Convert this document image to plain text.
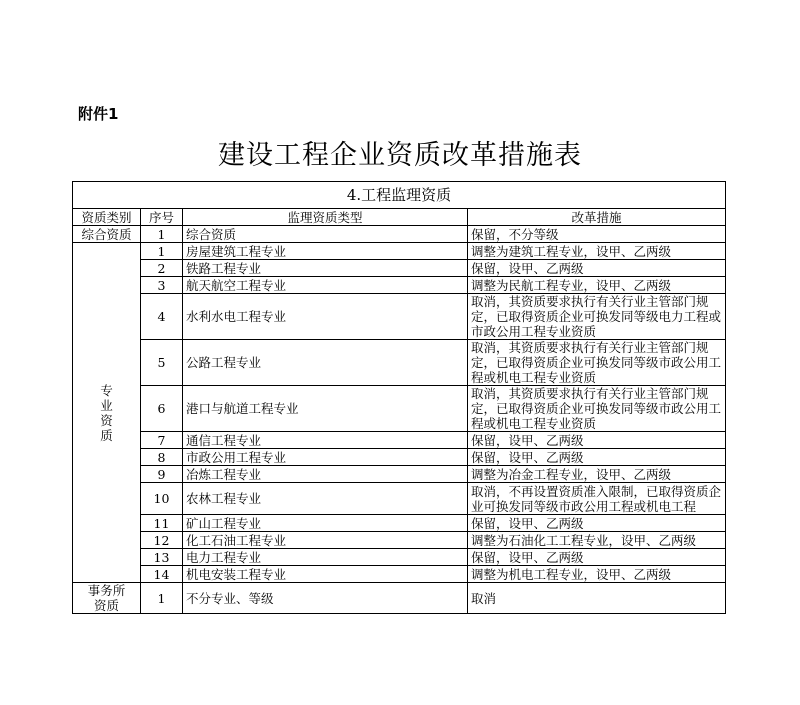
附件1
建设工程企业资质改革措施表
4.工程监理资质			
资质类别	序号	监理资质类型	改革措施
综合资质	1	综合资质	保留，不分等级

专
业
资
质	1	房屋建筑工程专业	调整为建筑工程专业，设甲、乙两级
	2	铁路工程专业	保留，设甲、乙两级
	3	航天航空工程专业	调整为民航工程专业，设甲、乙两级
	4	水利水电工程专业	取消，其资质要求执行有关行业主管部门规定，已取得资质企业可换发同等级电力工程或市政公用工程专业资质
	5	公路工程专业	取消，其资质要求执行有关行业主管部门规定，已取得资质企业可换发同等级市政公用工程或机电工程专业资质
	6	港口与航道工程专业	取消，其资质要求执行有关行业主管部门规定，已取得资质企业可换发同等级市政公用工程或机电工程专业资质
	7	通信工程专业	保留，设甲、乙两级
	8	市政公用工程专业	保留，设甲、乙两级
	9	冶炼工程专业	调整为冶金工程专业，设甲、乙两级
	10	农林工程专业	取消，不再设置资质准入限制，已取得资质企业可换发同等级市政公用工程或机电工程
	11	矿山工程专业	保留，设甲、乙两级
	12	化工石油工程专业	调整为石油化工工程专业，设甲、乙两级
	13	电力工程专业	保留，设甲、乙两级
	14	机电安装工程专业	调整为机电工程专业，设甲、乙两级

事务所
资质	1	不分专业、等级	取消
